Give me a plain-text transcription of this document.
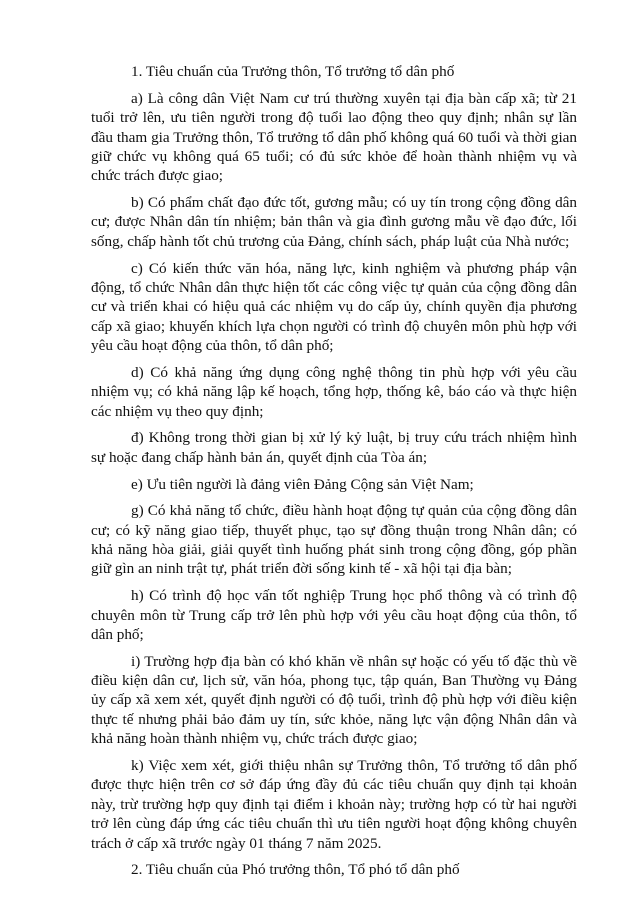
1. Tiêu chuẩn của Trưởng thôn, Tổ trưởng tổ dân phố

a) Là công dân Việt Nam cư trú thường xuyên tại địa bàn cấp xã; từ 21 tuổi trở lên, ưu tiên người trong độ tuổi lao động theo quy định; nhân sự lần đầu tham gia Trưởng thôn, Tổ trưởng tổ dân phố không quá 60 tuổi và thời gian giữ chức vụ không quá 65 tuổi; có đủ sức khỏe để hoàn thành nhiệm vụ và chức trách được giao;

b) Có phẩm chất đạo đức tốt, gương mẫu; có uy tín trong cộng đồng dân cư; được Nhân dân tín nhiệm; bản thân và gia đình gương mẫu về đạo đức, lối sống, chấp hành tốt chủ trương của Đảng, chính sách, pháp luật của Nhà nước;

c) Có kiến thức văn hóa, năng lực, kinh nghiệm và phương pháp vận động, tổ chức Nhân dân thực hiện tốt các công việc tự quản của cộng đồng dân cư và triển khai có hiệu quả các nhiệm vụ do cấp ủy, chính quyền địa phương cấp xã giao; khuyến khích lựa chọn người có trình độ chuyên môn phù hợp với yêu cầu hoạt động của thôn, tổ dân phố;

d) Có khả năng ứng dụng công nghệ thông tin phù hợp với yêu cầu nhiệm vụ; có khả năng lập kế hoạch, tổng hợp, thống kê, báo cáo và thực hiện các nhiệm vụ theo quy định;

đ) Không trong thời gian bị xử lý kỷ luật, bị truy cứu trách nhiệm hình sự hoặc đang chấp hành bản án, quyết định của Tòa án;

e) Ưu tiên người là đảng viên Đảng Cộng sản Việt Nam;

g) Có khả năng tổ chức, điều hành hoạt động tự quản của cộng đồng dân cư; có kỹ năng giao tiếp, thuyết phục, tạo sự đồng thuận trong Nhân dân; có khả năng hòa giải, giải quyết tình huống phát sinh trong cộng đồng, góp phần giữ gìn an ninh trật tự, phát triển đời sống kinh tế - xã hội tại địa bàn;

h) Có trình độ học vấn tốt nghiệp Trung học phổ thông và có trình độ chuyên môn từ Trung cấp trở lên phù hợp với yêu cầu hoạt động của thôn, tổ dân phố;

i) Trường hợp địa bàn có khó khăn về nhân sự hoặc có yếu tố đặc thù về điều kiện dân cư, lịch sử, văn hóa, phong tục, tập quán, Ban Thường vụ Đảng ủy cấp xã xem xét, quyết định người có độ tuổi, trình độ phù hợp với điều kiện thực tế nhưng phải bảo đảm uy tín, sức khỏe, năng lực vận động Nhân dân và khả năng hoàn thành nhiệm vụ, chức trách được giao;

k) Việc xem xét, giới thiệu nhân sự Trưởng thôn, Tổ trưởng tổ dân phố được thực hiện trên cơ sở đáp ứng đầy đủ các tiêu chuẩn quy định tại khoản này, trừ trường hợp quy định tại điểm i khoản này; trường hợp có từ hai người trở lên cùng đáp ứng các tiêu chuẩn thì ưu tiên người hoạt động không chuyên trách ở cấp xã trước ngày 01 tháng 7 năm 2025.

2. Tiêu chuẩn của Phó trưởng thôn, Tổ phó tổ dân phố
